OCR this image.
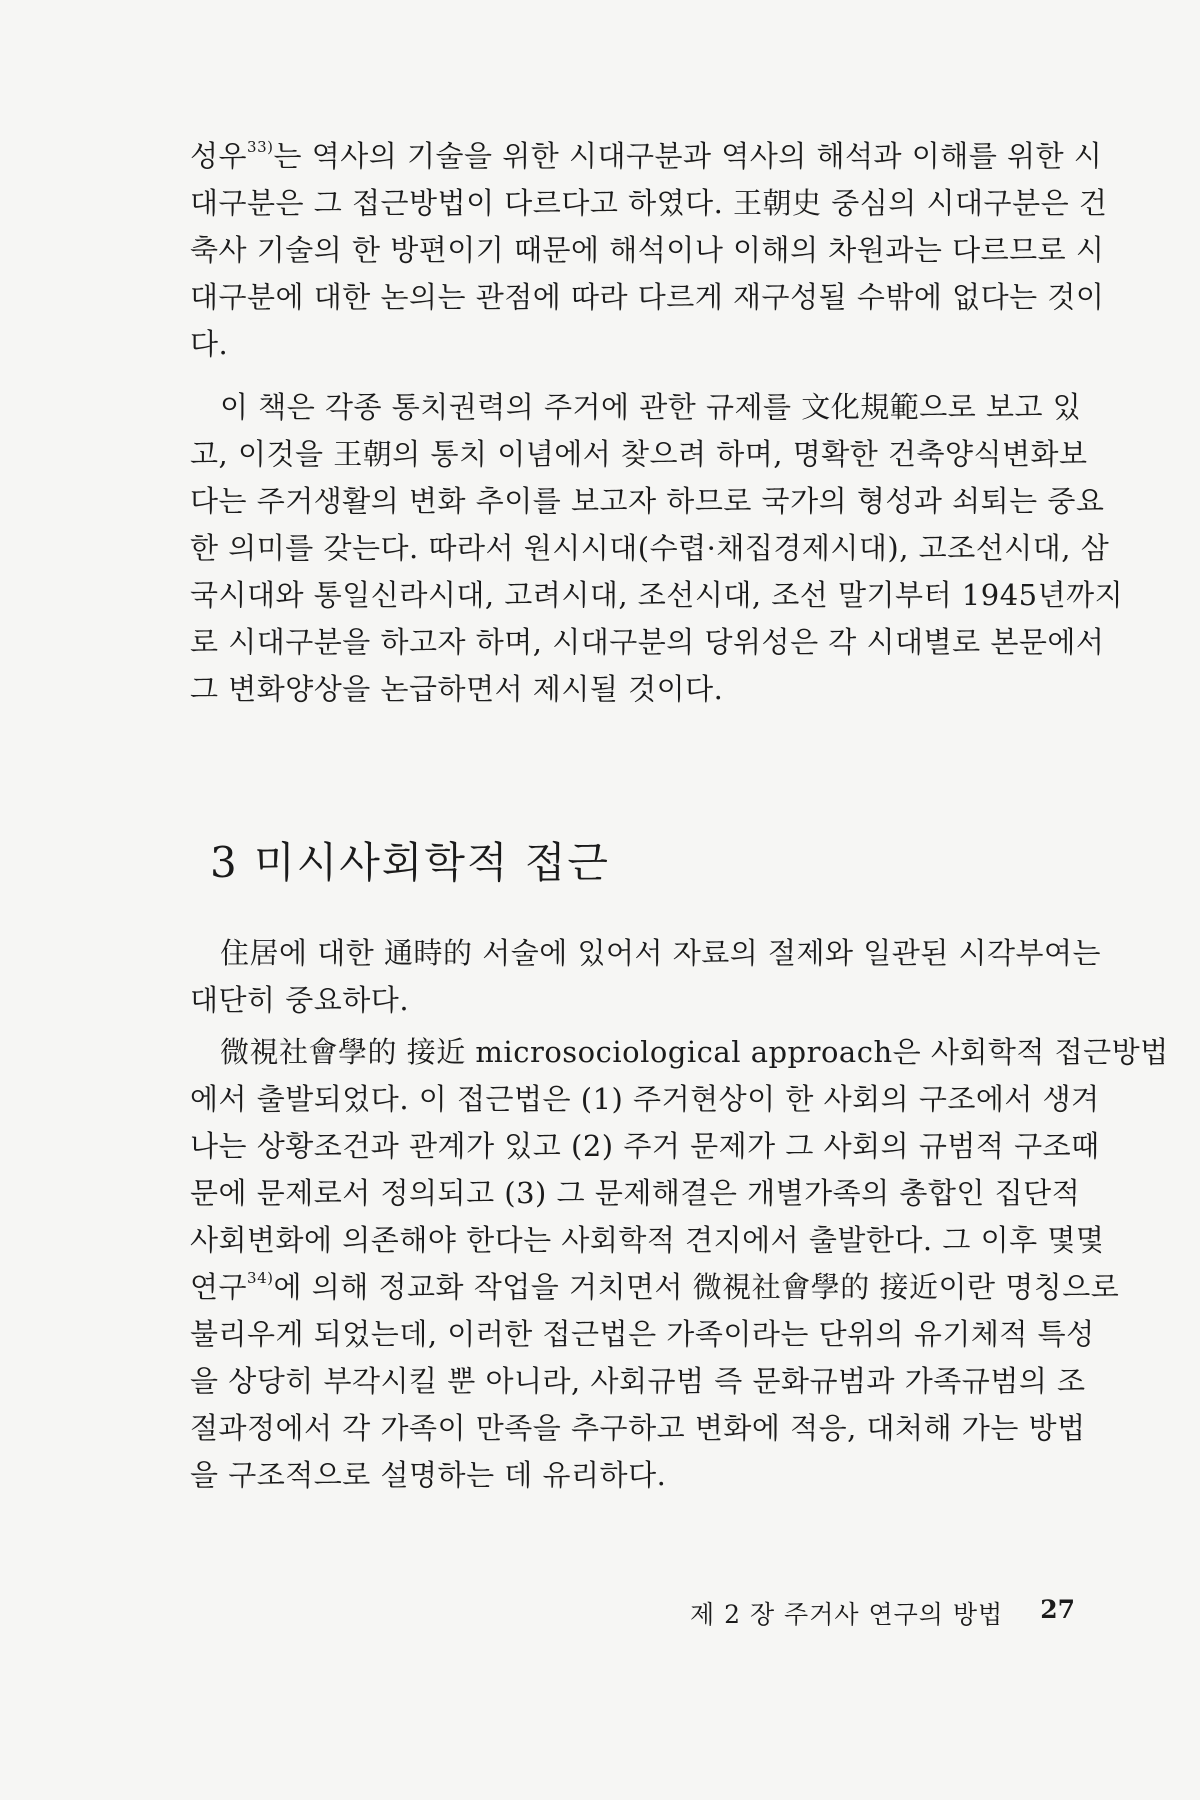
성우$^{33)}$는 역사의 기술을 위한 시대구분과 역사의 해석과 이해를 위한 시
대구분은 그 접근방법이 다르다고 하였다. 王朝史 중심의 시대구분은 건
축사 기술의 한 방편이기 때문에 해석이나 이해의 차원과는 다르므로 시
대구분에 대한 논의는 관점에 따라 다르게 재구성될 수밖에 없다는 것이
다.
이 책은 각종 통치권력의 주거에 관한 규제를 文化規範으로 보고 있
고, 이것을 王朝의 통치 이념에서 찾으려 하며, 명확한 건축양식변화보
다는 주거생활의 변화 추이를 보고자 하므로 국가의 형성과 쇠퇴는 중요
한 의미를 갖는다. 따라서 원시시대(수렵·채집경제시대), 고조선시대, 삼
국시대와 통일신라시대, 고려시대, 조선시대, 조선 말기부터 1945년까지
로 시대구분을 하고자 하며, 시대구분의 당위성은 각 시대별로 본문에서
그 변화양상을 논급하면서 제시될 것이다.
3 미시사회학적 접근
住居에 대한 通時的 서술에 있어서 자료의 절제와 일관된 시각부여는
대단히 중요하다.
微視社會學的 接近 microsociological approach은 사회학적 접근방법
에서 출발되었다. 이 접근법은 (1) 주거현상이 한 사회의 구조에서 생겨
나는 상황조건과 관계가 있고 (2) 주거 문제가 그 사회의 규범적 구조때
문에 문제로서 정의되고 (3) 그 문제해결은 개별가족의 총합인 집단적
사회변화에 의존해야 한다는 사회학적 견지에서 출발한다. 그 이후 몇몇
연구$^{34)}$에 의해 정교화 작업을 거치면서 微視社會學的 接近이란 명칭으로
불리우게 되었는데, 이러한 접근법은 가족이라는 단위의 유기체적 특성
을 상당히 부각시킬 뿐 아니라, 사회규범 즉 문화규범과 가족규범의 조
절과정에서 각 가족이 만족을 추구하고 변화에 적응, 대처해 가는 방법
을 구조적으로 설명하는 데 유리하다.
제 2 장 주거사 연구의 방법 27
